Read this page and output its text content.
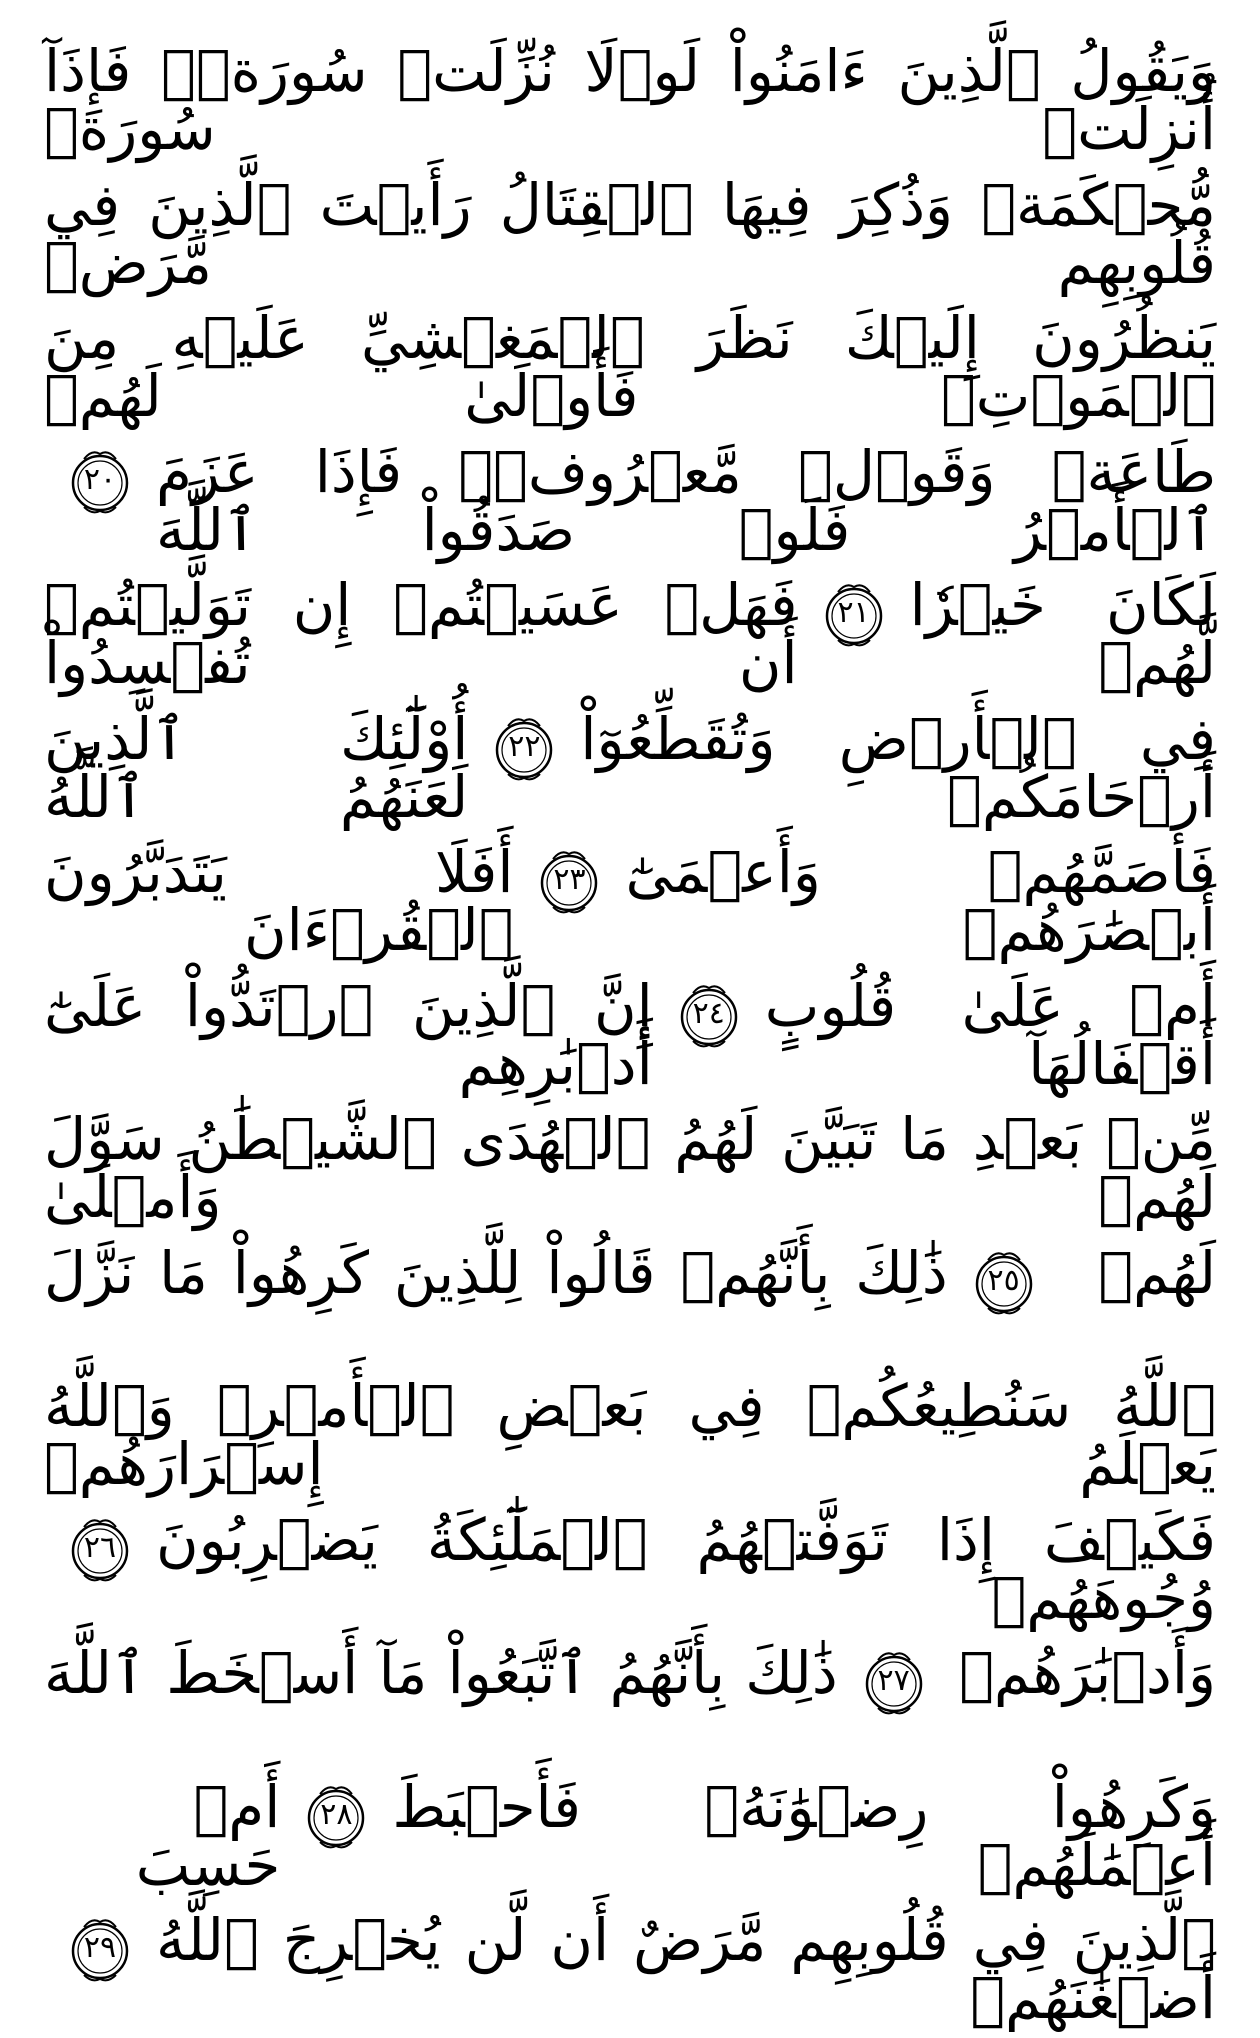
وَيَقُولُ ٱلَّذِينَ ءَامَنُواْ لَوۡلَا نُزِّلَتۡ سُورَةٞۖ فَإِذَآ أُنزِلَتۡ سُورَةٞ
مُّحۡكَمَةٞ وَذُكِرَ فِيهَا ٱلۡقِتَالُ رَأَيۡتَ ٱلَّذِينَ فِي قُلُوبِهِم مَّرَضٞ
يَنظُرُونَ إِلَيۡكَ نَظَرَ ٱلۡمَغۡشِيِّ عَلَيۡهِ مِنَ ٱلۡمَوۡتِۖ فَأَوۡلَىٰ لَهُمۡ
طَاعَةٞ وَقَوۡلٞ مَّعۡرُوفٞۚ فَإِذَا عَزَمَ ٱلۡأَمۡرُ فَلَوۡ صَدَقُواْ ٱللَّهَ
٢٠
لَكَانَ خَيۡرٗا لَّهُمۡ
٢١
فَهَلۡ عَسَيۡتُمۡ إِن تَوَلَّيۡتُمۡ أَن تُفۡسِدُواْ
فِي ٱلۡأَرۡضِ وَتُقَطِّعُوٓاْ أَرۡحَامَكُمۡ
٢٢
أُوْلَٰٓئِكَ ٱلَّذِينَ لَعَنَهُمُ ٱللَّهُ
فَأَصَمَّهُمۡ وَأَعۡمَىٰٓ أَبۡصَٰرَهُمۡ
٢٣
أَفَلَا يَتَدَبَّرُونَ ٱلۡقُرۡءَانَ
أَمۡ عَلَىٰ قُلُوبٍ أَقۡفَالُهَآ
٢٤
إِنَّ ٱلَّذِينَ ٱرۡتَدُّواْ عَلَىٰٓ أَدۡبَٰرِهِم
مِّنۢ بَعۡدِ مَا تَبَيَّنَ لَهُمُ ٱلۡهُدَى ٱلشَّيۡطَٰنُ سَوَّلَ لَهُمۡ وَأَمۡلَىٰ
لَهُمۡ
٢٥
ذَٰلِكَ بِأَنَّهُمۡ قَالُواْ لِلَّذِينَ كَرِهُواْ مَا نَزَّلَ
ٱللَّهُ سَنُطِيعُكُمۡ فِي بَعۡضِ ٱلۡأَمۡرِۖ وَٱللَّهُ يَعۡلَمُ إِسۡرَارَهُمۡ
فَكَيۡفَ إِذَا تَوَفَّتۡهُمُ ٱلۡمَلَٰٓئِكَةُ يَضۡرِبُونَ وُجُوهَهُمۡ
٢٦
وَأَدۡبَٰرَهُمۡ
٢٧
ذَٰلِكَ بِأَنَّهُمُ ٱتَّبَعُواْ مَآ أَسۡخَطَ ٱللَّهَ
وَكَرِهُواْ رِضۡوَٰنَهُۥ فَأَحۡبَطَ أَعۡمَٰلَهُمۡ
٢٨
أَمۡ حَسِبَ
ٱلَّذِينَ فِي قُلُوبِهِم مَّرَضٌ أَن لَّن يُخۡرِجَ ٱللَّهُ أَضۡغَٰنَهُمۡ
٢٩
